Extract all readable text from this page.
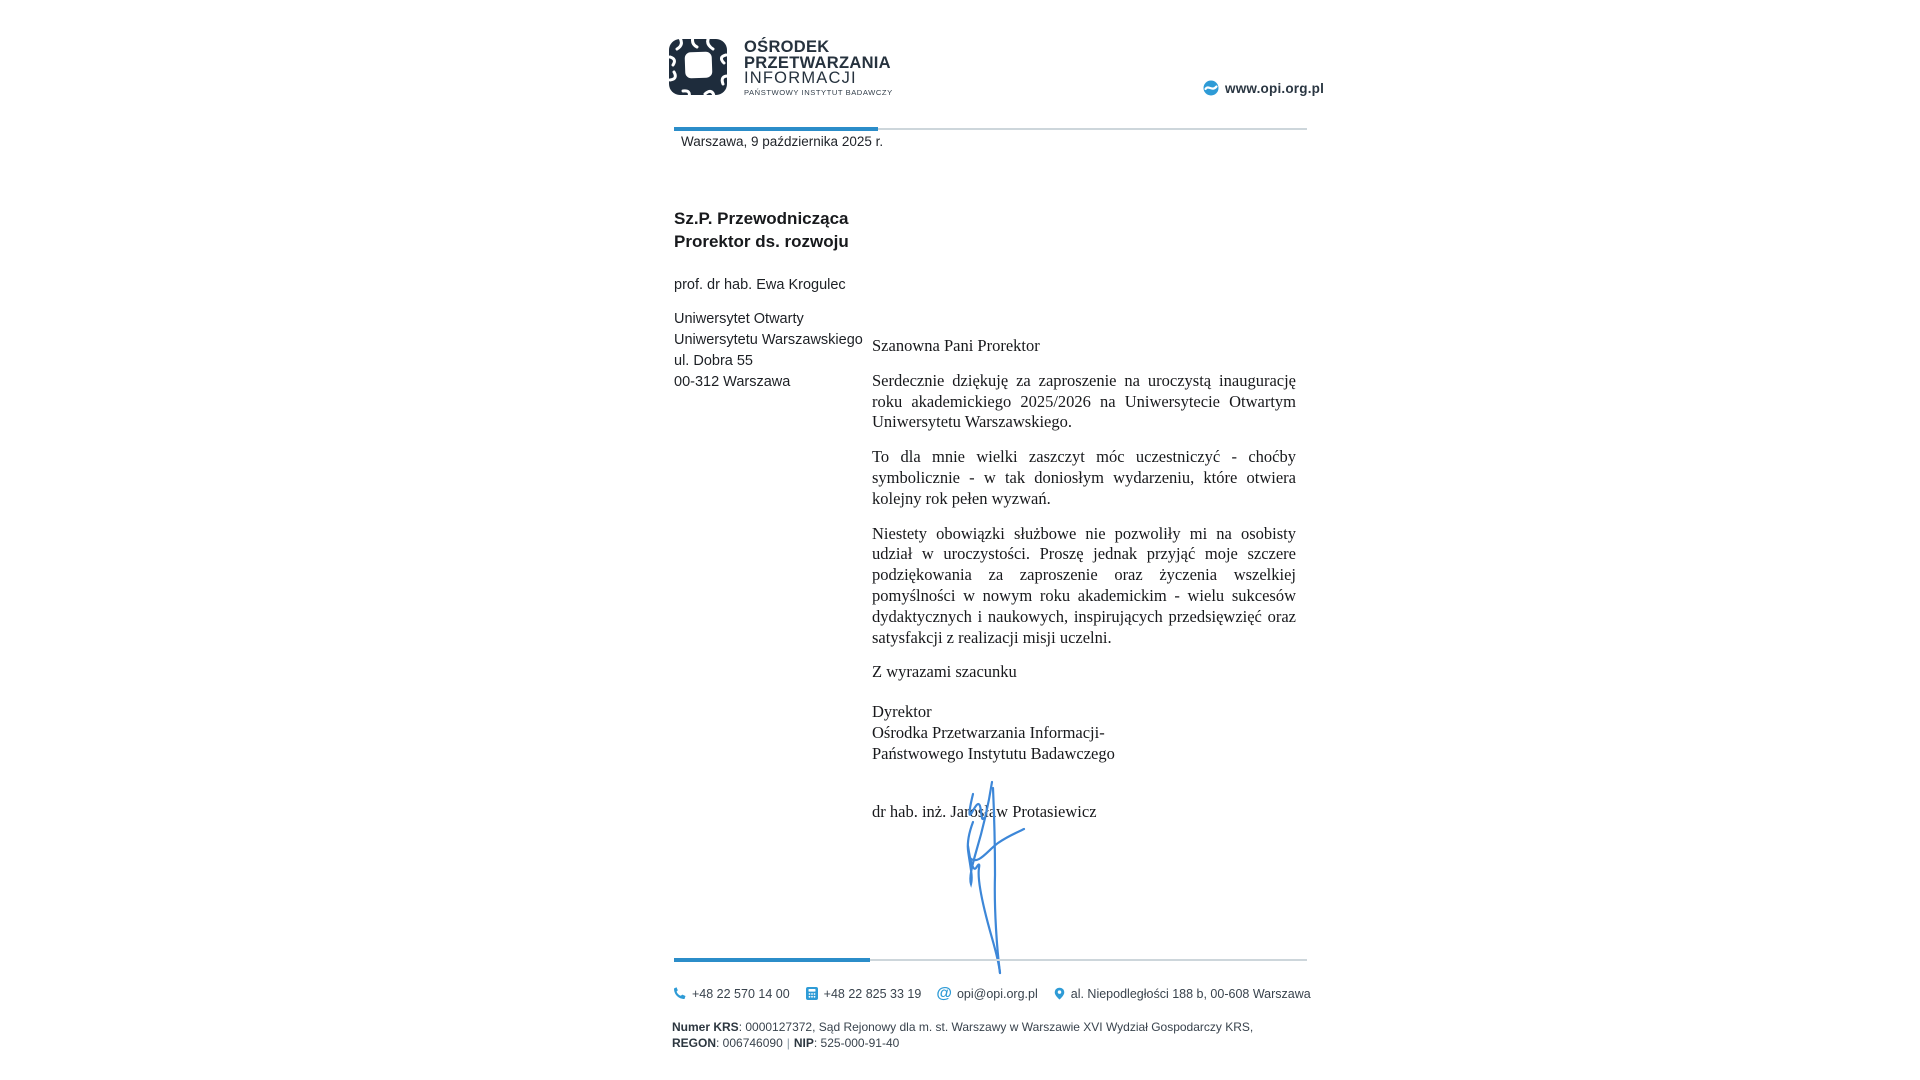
OŚRODEK
PRZETWARZANIA
INFORMACJI
PAŃSTWOWY INSTYTUT BADAWCZY	www.opi.org.pl
Warszawa, 9 października 2025 r.
Sz.P. Przewodnicząca
Prorektor ds. rozwoju
prof. dr hab. Ewa Krogulec
Uniwersytet Otwarty
Uniwersytetu Warszawskiego
ul. Dobra 55
00-312 Warszawa

Szanowna Pani Prorektor

Serdecznie dziękuję za zaproszenie na uroczystą inaugurację roku akademickiego 2025/2026 na Uniwersytecie Otwartym Uniwersytetu Warszawskiego.

To dla mnie wielki zaszczyt móc uczestniczyć - choćby symbolicznie - w tak doniosłym wydarzeniu, które otwiera kolejny rok pełen wyzwań.

Niestety obowiązki służbowe nie pozwoliły mi na osobisty udział w uroczystości. Proszę jednak przyjąć moje szczere podziękowania za zaproszenie oraz życzenia wszelkiej pomyślności w nowym roku akademickim - wielu sukcesów dydaktycznych i naukowych, inspirujących przedsięwzięć oraz satysfakcji z realizacji misji uczelni.

Z wyrazami szacunku

Dyrektor
Ośrodka Przetwarzania Informacji-
Państwowego Instytutu Badawczego
dr hab. inż. Jarosław Protasiewicz
+48 22 570 14 00	+48 22 825 33 19 @ opi@opi.org.pl	al. Niepodległości 188 b, 00-608 Warszawa
Numer KRS: 0000127372, Sąd Rejonowy dla m. st. Warszawy w Warszawie XVI Wydział Gospodarczy KRS,
REGON: 006746090 | NIP: 525-000-91-40
